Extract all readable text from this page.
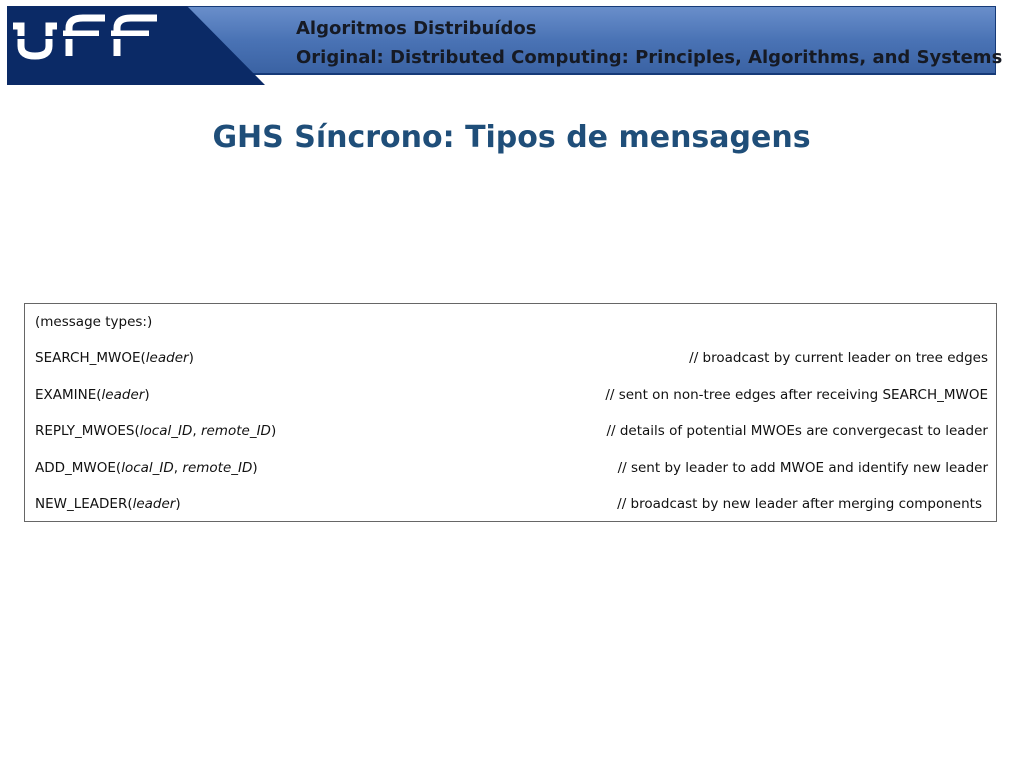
Algoritmos Distribuídos
Original: Distributed Computing: Principles, Algorithms, and Systems
GHS Síncrono: Tipos de mensagens
(message types:)
SEARCH_MWOE(leader)	// broadcast by current leader on tree edges
EXAMINE(leader)	// sent on non-tree edges after receiving SEARCH_MWOE
REPLY_MWOES(local_ID, remote_ID)	// details of potential MWOEs are convergecast to leader
ADD_MWOE(local_ID, remote_ID)	// sent by leader to add MWOE and identify new leader
NEW_LEADER(leader)	// broadcast by new leader after merging components
